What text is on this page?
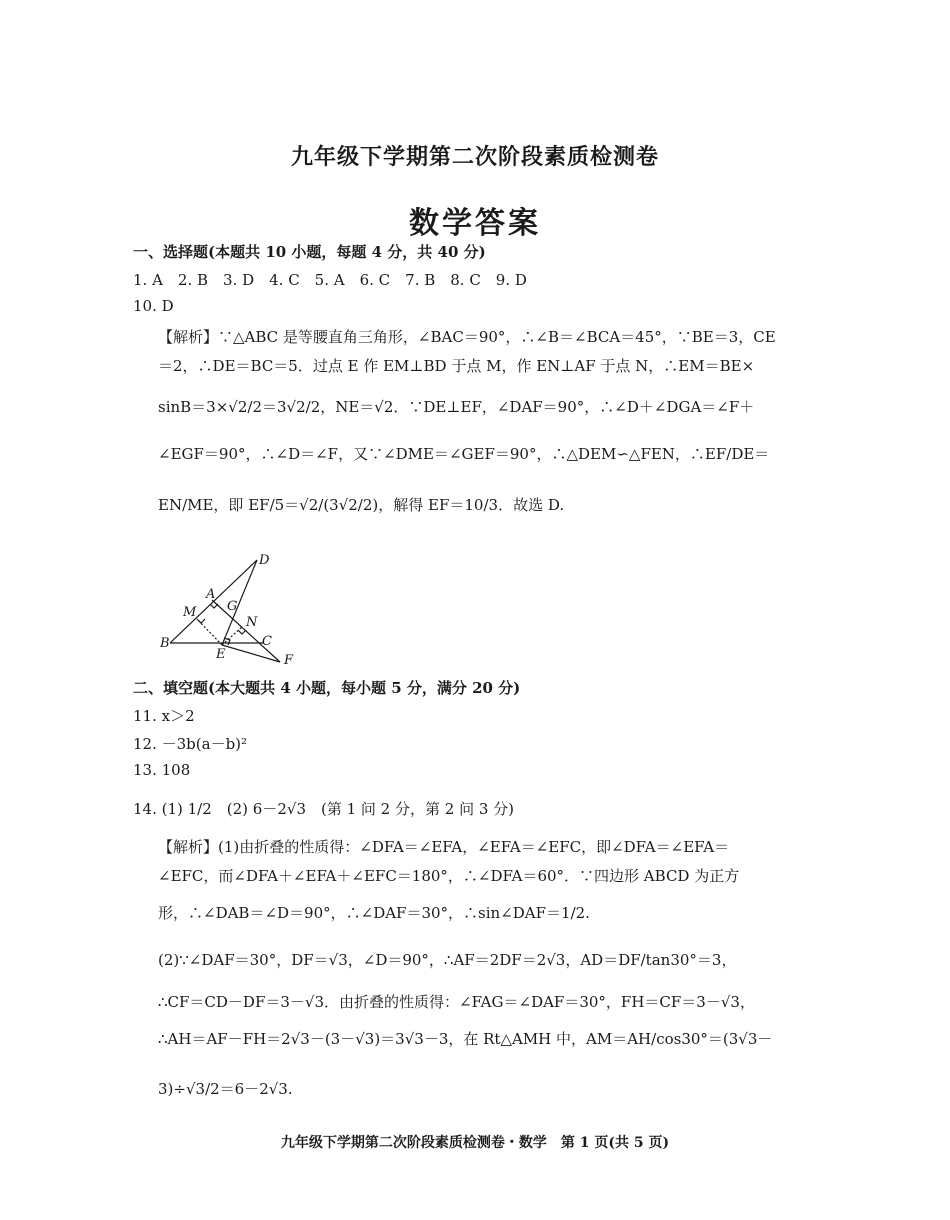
九年级下学期第二次阶段素质检测卷
数学答案
一、选择题(本题共 10 小题，每题 4 分，共 40 分)
1. A　2. B　3. D　4. C　5. A　6. C　7. B　8. C　9. D
10. D
【解析】∵△ABC 是等腰直角三角形，∠BAC＝90°，∴∠B＝∠BCA＝45°，∵BE＝3，CE
＝2，∴DE＝BC＝5．过点 E 作 EM⊥BD 于点 M，作 EN⊥AF 于点 N，∴EM＝BE×
sinB＝3×√2/2＝3√2/2，NE＝√2．∵DE⊥EF，∠DAF＝90°，∴∠D＋∠DGA＝∠F＋
∠EGF＝90°，∴∠D＝∠F，又∵∠DME＝∠GEF＝90°，∴△DEM∽△FEN，∴EF/DE＝
EN/ME，即 EF/5＝√2/(3√2/2)，解得 EF＝10/3．故选 D.
D
A
G
M
N
B	C
E	F
二、填空题(本大题共 4 小题，每小题 5 分，满分 20 分)
11. x＞2
12. －3b(a－b)²
13. 108
14. (1) 1/2　(2) 6－2√3　(第 1 问 2 分，第 2 问 3 分)
【解析】(1)由折叠的性质得：∠DFA＝∠EFA，∠EFA＝∠EFC，即∠DFA＝∠EFA＝
∠EFC，而∠DFA＋∠EFA＋∠EFC＝180°，∴∠DFA＝60°．∵四边形 ABCD 为正方
形，∴∠DAB＝∠D＝90°，∴∠DAF＝30°，∴sin∠DAF＝1/2.
(2)∵∠DAF＝30°，DF＝√3，∠D＝90°，∴AF＝2DF＝2√3，AD＝DF/tan30°＝3，
∴CF＝CD－DF＝3－√3．由折叠的性质得：∠FAG＝∠DAF＝30°，FH＝CF＝3－√3，
∴AH＝AF－FH＝2√3－(3－√3)＝3√3－3，在 Rt△AMH 中，AM＝AH/cos30°＝(3√3－
3)÷√3/2＝6－2√3.
九年级下学期第二次阶段素质检测卷・数学　第 1 页(共 5 页)
